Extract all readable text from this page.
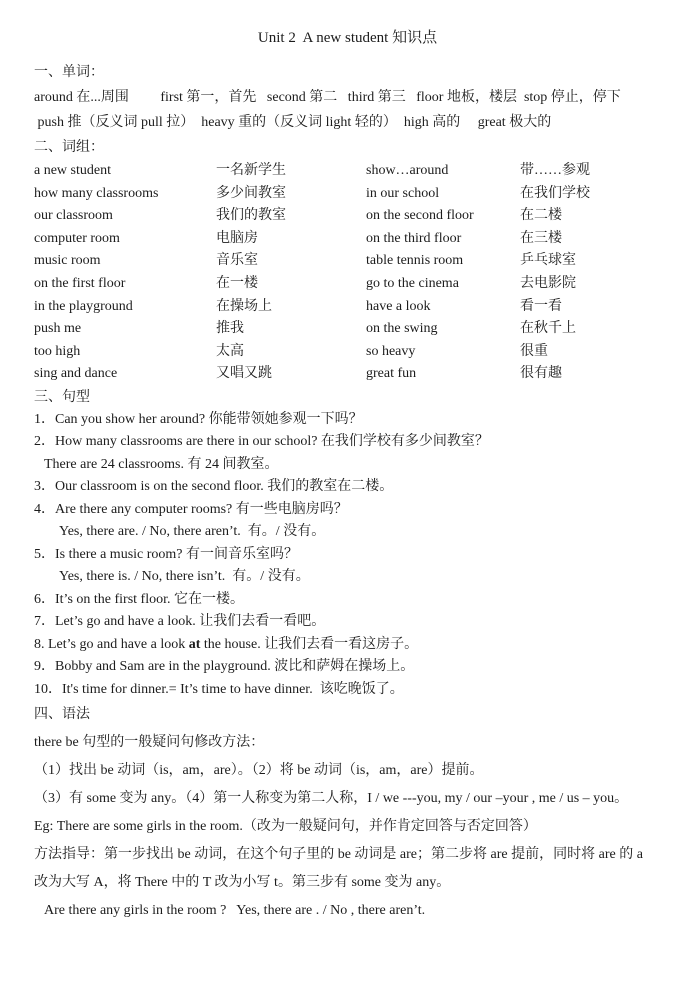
Unit 2  A new student 知识点

一、单词：

around 在...周围　　 first 第一，首先   second 第二   third 第三   floor 地板，楼层  stop 停止，停下

push 推（反义词 pull 拉）  heavy 重的（反义词 light 轻的）  high 高的　 great 极大的

二、词组：

a new student	一名新学生	show…around	带……参观
how many classrooms	多少间教室	in our school	在我们学校
our classroom	我们的教室	on the second floor	在二楼
computer room	电脑房	on the third floor	在三楼
music room	音乐室	table tennis room	乒乓球室
on the first floor	在一楼	go to the cinema	去电影院
in the playground	在操场上	have a look	看一看
push me	推我	on the swing	在秋千上
too high	太高	so heavy	很重
sing and dance	又唱又跳	great fun	很有趣

三、句型

1．Can you show her around? 你能带领她参观一下吗？

2．How many classrooms are there in our school? 在我们学校有多少间教室？

There are 24 classrooms. 有 24 间教室。

3．Our classroom is on the second floor. 我们的教室在二楼。

4．Are there any computer rooms? 有一些电脑房吗？

Yes, there are. / No, there aren’t.  有。/ 没有。

5．Is there a music room? 有一间音乐室吗？

Yes, there is. / No, there isn’t.  有。/ 没有。

6．It’s on the first floor. 它在一楼。

7．Let’s go and have a look. 让我们去看一看吧。

8. Let’s go and have a look at the house. 让我们去看一看这房子。

9．Bobby and Sam are in the playground. 波比和萨姆在操场上。

10．It's time for dinner.= It’s time to have dinner.  该吃晚饭了。

四、语法

there be 句型的一般疑问句修改方法：

（1）找出 be 动词（is，am，are）。（2）将 be 动词（is，am，are）提前。

（3）有 some 变为 any。（4）第一人称变为第二人称，I / we ---you, my / our –your , me / us – you。

Eg: There are some girls in the room.（改为一般疑问句，并作肯定回答与否定回答）

方法指导：第一步找出 be 动词，在这个句子里的 be 动词是 are；第二步将 are 提前，同时将 are 的 a

改为大写 A，将 There 中的 T 改为小写 t。第三步有 some 变为 any。

Are there any girls in the room ?   Yes, there are . / No , there aren’t.
